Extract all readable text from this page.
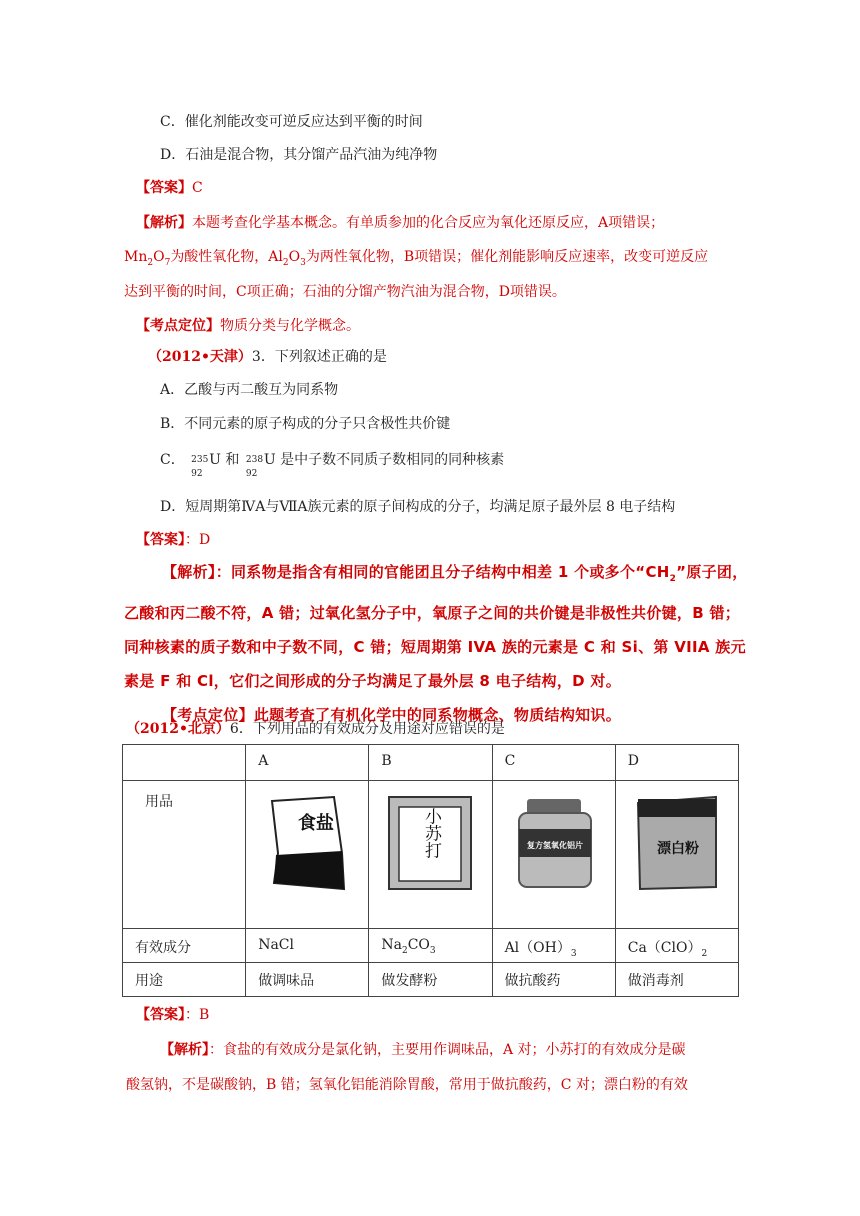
C．催化剂能改变可逆反应达到平衡的时间
D．石油是混合物，其分馏产品汽油为纯净物
【答案】C
【解析】本题考查化学基本概念。有单质参加的化合反应为氧化还原反应，A项错误；
$Mn_2O_7$为酸性氧化物，$Al_2O_3$为两性氧化物，B项错误；催化剂能影响反应速率，改变可逆反应
达到平衡的时间，C项正确；石油的分馏产物汽油为混合物，D项错误。
【考点定位】物质分类与化学概念。
（2012•天津）3．下列叙述正确的是
A．乙酸与丙二酸互为同系物
B．不同元素的原子构成的分子只含极性共价键
C． 235
92
U 和 238
92
U 是中子数不同质子数相同的同种核素
D．短周期第ⅣA与ⅦA族元素的原子间构成的分子，均满足原子最外层 8 电子结构
【答案】：D
【解析】：同系物是指含有相同的官能团且分子结构中相差 1 个或多个“$CH_2$”原子团，
乙酸和丙二酸不符，A 错；过氧化氢分子中，氧原子之间的共价键是非极性共价键，B 错；
同种核素的质子数和中子数不同，C 错；短周期第 IVA 族的元素是 C 和 Si、第 VIIA 族元
素是 F 和 Cl，它们之间形成的分子均满足了最外层 8 电子结构，D 对。
【考点定位】此题考查了有机化学中的同系物概念、物质结构知识。
（2012•北京）6．下列用品的有效成分及用途对应错误的是
	A	B	C	D
用品	食盐	小苏打	复方氢氧化铝片	漂白粉

有效成分	NaCl	$Na_2CO_3$	$Al(OH)_3$	$Ca(ClO)_2$
用途	做调味品	做发酵粉	做抗酸药	做消毒剂
【答案】：B
【解析】：食盐的有效成分是氯化钠，主要用作调味品，A 对；小苏打的有效成分是碳
酸氢钠，不是碳酸钠，B 错；氢氧化铝能消除胃酸，常用于做抗酸药，C 对；漂白粉的有效
